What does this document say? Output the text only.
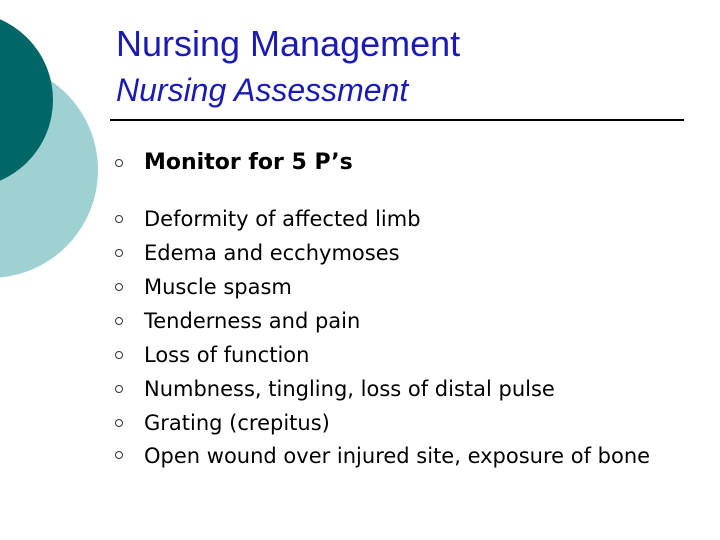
Nursing Management
Nursing Assessment
Monitor for 5 P’s
Deformity of affected limb
Edema and ecchymoses
Muscle spasm
Tenderness and pain
Loss of function
Numbness, tingling, loss of distal pulse
Grating (crepitus)
Open wound over injured site, exposure of bone
